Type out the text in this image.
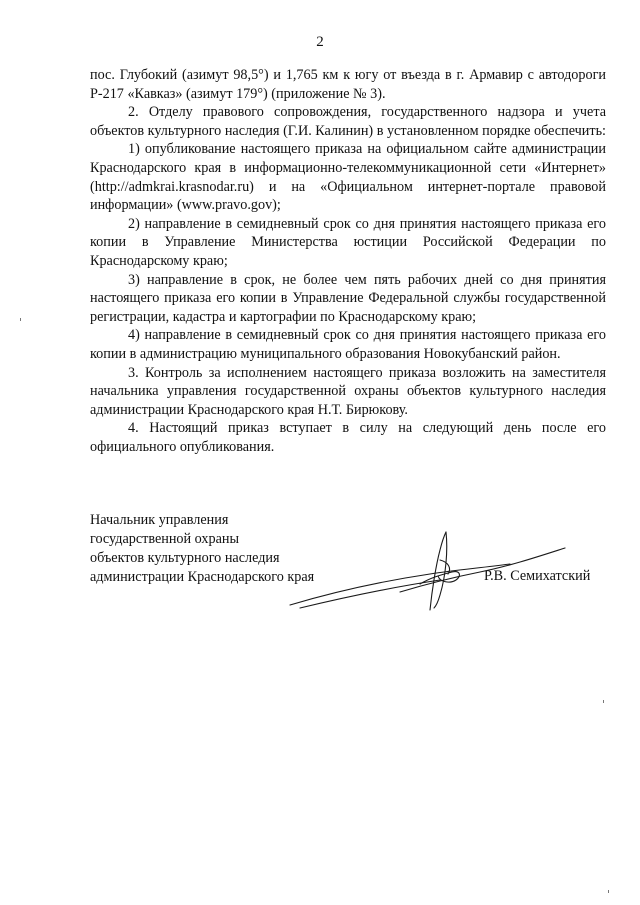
2

пос. Глубокий (азимут 98,5°) и 1,765 км к югу от въезда в г. Армавир с автодороги Р-217 «Кавказ» (азимут 179°) (приложение № 3).

2. Отделу правового сопровождения, государственного надзора и учета объектов культурного наследия (Г.И. Калинин) в установленном порядке обеспечить:

1) опубликование настоящего приказа на официальном сайте администрации Краснодарского края в информационно-телекоммуникационной сети «Интернет» (http://admkrai.krasnodar.ru) и на «Официальном интернет-портале правовой информации» (www.pravo.gov);

2) направление в семидневный срок со дня принятия настоящего приказа его копии в Управление Министерства юстиции Российской Федерации по Краснодарскому краю;

3) направление в срок, не более чем пять рабочих дней со дня принятия настоящего приказа его копии в Управление Федеральной службы государственной регистрации, кадастра и картографии по Краснодарскому краю;

4) направление в семидневный срок со дня принятия настоящего приказа его копии в администрацию муниципального образования Новокубанский район.

3. Контроль за исполнением настоящего приказа возложить на заместителя начальника управления государственной охраны объектов культурного наследия администрации Краснодарского края Н.Т. Бирюкову.

4. Настоящий приказ вступает в силу на следующий день после его официального опубликования.

Начальник управления
государственной охраны
объектов культурного наследия
администрации Краснодарского края	Р.В. Семихатский
